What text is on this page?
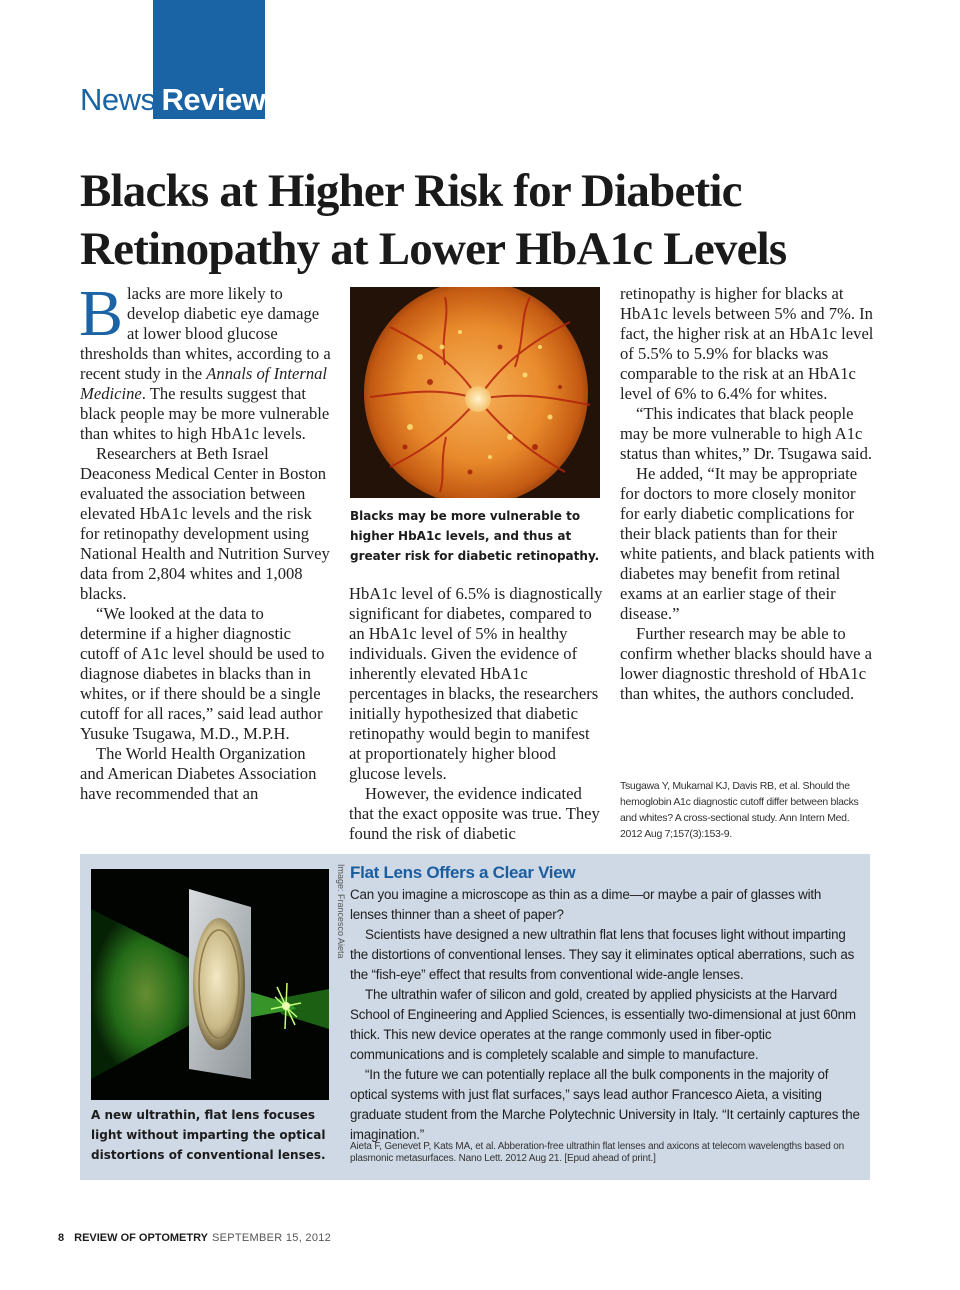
News Review
Blacks at Higher Risk for Diabetic Retinopathy at Lower HbA1c Levels

Blacks are more likely to develop diabetic eye damage at lower blood glucose thresholds than whites, according to a recent study in the Annals of Internal Medicine. The results suggest that black people may be more vulnerable than whites to high HbA1c levels.

Researchers at Beth Israel Deaconess Medical Center in Boston evaluated the association between elevated HbA1c levels and the risk for retinopathy development using National Health and Nutrition Survey data from 2,804 whites and 1,008 blacks.

“We looked at the data to determine if a higher diagnostic cutoff of A1c level should be used to diagnose diabetes in blacks than in whites, or if there should be a single cutoff for all races,” said lead author Yusuke Tsugawa, M.D., M.P.H.

The World Health Organization and American Diabetes Association have recommended that an

Blacks may be more vulnerable to higher HbA1c levels, and thus at greater risk for diabetic retinopathy.

HbA1c level of 6.5% is diagnostically significant for diabetes, compared to an HbA1c level of 5% in healthy individuals. Given the evidence of inherently elevated HbA1c percentages in blacks, the researchers initially hypothesized that diabetic retinopathy would begin to manifest at proportionately higher blood glucose levels.

However, the evidence indicated that the exact opposite was true. They found the risk of diabetic

retinopathy is higher for blacks at HbA1c levels between 5% and 7%. In fact, the higher risk at an HbA1c level of 5.5% to 5.9% for blacks was comparable to the risk at an HbA1c level of 6% to 6.4% for whites.

“This indicates that black people may be more vulnerable to high A1c status than whites,” Dr. Tsugawa said.

He added, “It may be appropriate for doctors to more closely monitor for early diabetic complications for their black patients than for their white patients, and black patients with diabetes may benefit from retinal exams at an earlier stage of their disease.”

Further research may be able to confirm whether blacks should have a lower diagnostic threshold of HbA1c than whites, the authors concluded.

Tsugawa Y, Mukamal KJ, Davis RB, et al. Should the hemoglobin A1c diagnostic cutoff differ between blacks and whites? A cross-sectional study. Ann Intern Med. 2012 Aug 7;157(3):153-9.
Image: Francesco Aieta
A new ultrathin, flat lens focuses light without imparting the optical distortions of conventional lenses.
Flat Lens Offers a Clear View

Can you imagine a microscope as thin as a dime—or maybe a pair of glasses with lenses thinner than a sheet of paper?

Scientists have designed a new ultrathin flat lens that focuses light without imparting the distortions of conventional lenses. They say it eliminates optical aberrations, such as the “fish-eye” effect that results from conventional wide-angle lenses.

The ultrathin wafer of silicon and gold, created by applied physicists at the Harvard School of Engineering and Applied Sciences, is essentially two-dimensional at just 60nm thick. This new device operates at the range commonly used in fiber-optic communications and is completely scalable and simple to manufacture.

“In the future we can potentially replace all the bulk components in the majority of optical systems with just flat surfaces,” says lead author Francesco Aieta, a visiting graduate student from the Marche Polytechnic University in Italy. “It certainly captures the imagination.”

Aieta F, Genevet P, Kats MA, et al. Abberation-free ultrathin flat lenses and axicons at telecom wavelengths based on plasmonic metasurfaces. Nano Lett. 2012 Aug 21. [Epud ahead of print.]
8 REVIEW OF OPTOMETRY SEPTEMBER 15, 2012
